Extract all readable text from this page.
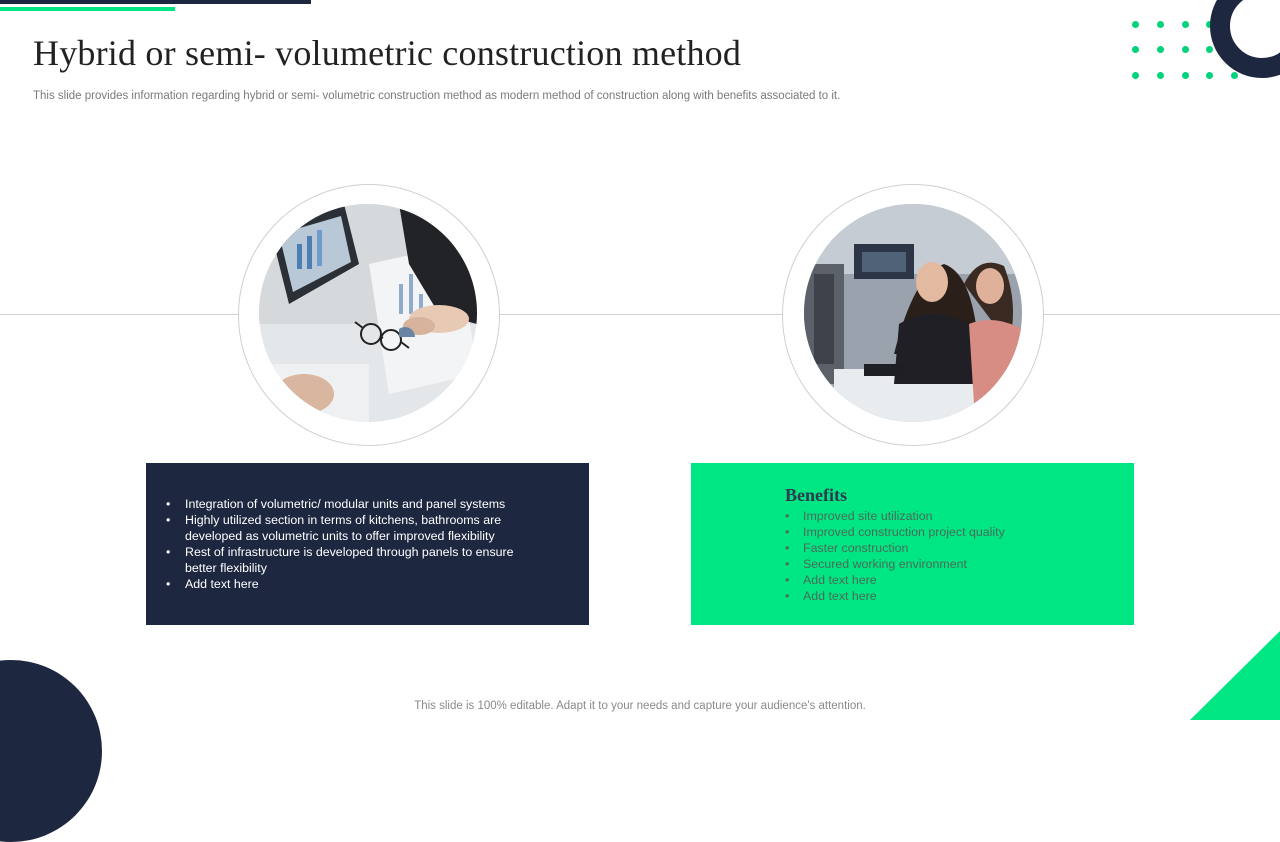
Hybrid or semi- volumetric construction method

This slide provides information regarding hybrid or semi- volumetric construction method as modern method of construction along with benefits associated to it.

• Integration of volumetric/ modular units and panel systems
• Highly utilized section in terms of kitchens, bathrooms are developed as volumetric units to offer improved flexibility
• Rest of infrastructure is developed through panels to ensure better flexibility
• Add text here
Benefits
• Improved site utilization
• Improved construction project quality
• Faster construction
• Secured working environment
• Add text here
• Add text here

This slide is 100% editable. Adapt it to your needs and capture your audience's attention.
